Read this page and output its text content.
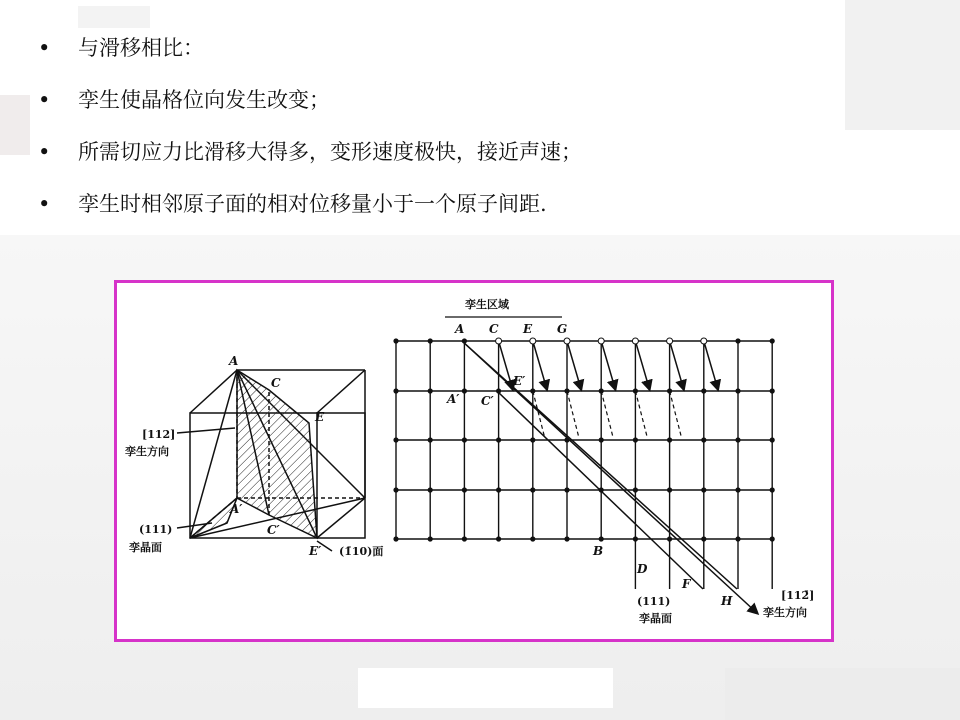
•	与滑移相比：
•	孪生使晶格位向发生改变；
•	所需切应力比滑移大得多，变形速度极快，接近声速；
•	孪生时相邻原子面的相对位移量小于一个原子间距.
A
C
E
A′
C′
E′
[112]
孪生方向
(111)
孪晶面	(1̄10)面
孪生区域
A C E G
A′ C′
E′
B
D
F
H
(111)
孪晶面
[112̄]
孪生方向
